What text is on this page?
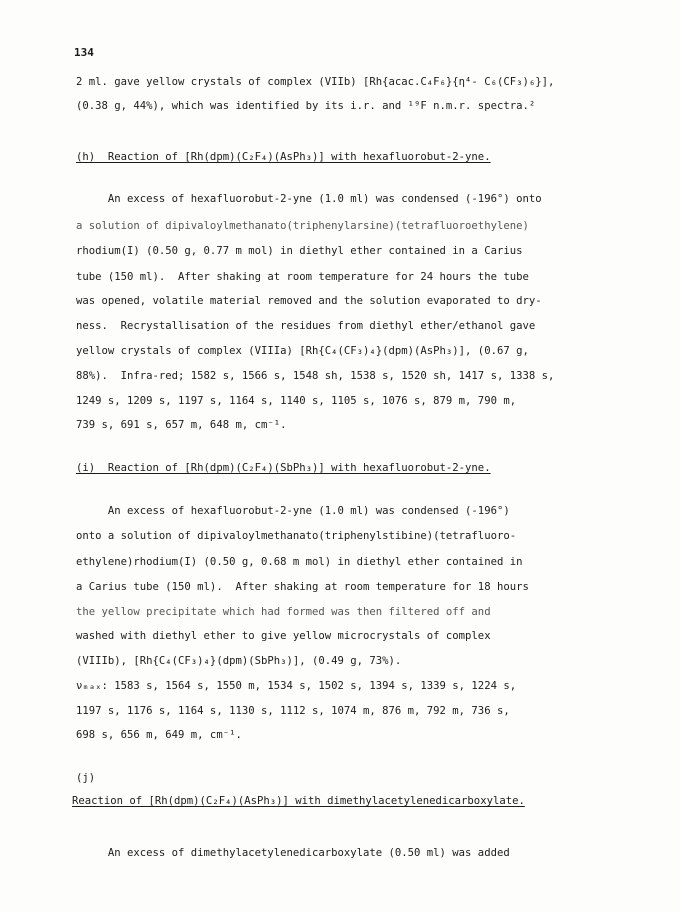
134
2 ml. gave yellow crystals of complex (VIIb) [Rh{acac.C₄F₆}{η⁴- C₆(CF₃)₆}],
(0.38 g, 44%), which was identified by its i.r. and ¹⁹F n.m.r. spectra.²
(h)  Reaction of [Rh(dpm)(C₂F₄)(AsPh₃)] with hexafluorobut-2-yne.
An excess of hexafluorobut-2-yne (1.0 ml) was condensed (-196°) onto
a solution of dipivaloylmethanato(triphenylarsine)(tetrafluoroethylene)
rhodium(I) (0.50 g, 0.77 m mol) in diethyl ether contained in a Carius
tube (150 ml).  After shaking at room temperature for 24 hours the tube
was opened, volatile material removed and the solution evaporated to dry-
ness.  Recrystallisation of the residues from diethyl ether/ethanol gave
yellow crystals of complex (VIIIa) [Rh{C₄(CF₃)₄}(dpm)(AsPh₃)], (0.67 g,
88%).  Infra-red; 1582 s, 1566 s, 1548 sh, 1538 s, 1520 sh, 1417 s, 1338 s,
1249 s, 1209 s, 1197 s, 1164 s, 1140 s, 1105 s, 1076 s, 879 m, 790 m,
739 s, 691 s, 657 m, 648 m, cm⁻¹.
(i)  Reaction of [Rh(dpm)(C₂F₄)(SbPh₃)] with hexafluorobut-2-yne.
An excess of hexafluorobut-2-yne (1.0 ml) was condensed (-196°)
onto a solution of dipivaloylmethanato(triphenylstibine)(tetrafluoro-
ethylene)rhodium(I) (0.50 g, 0.68 m mol) in diethyl ether contained in
a Carius tube (150 ml).  After shaking at room temperature for 18 hours
the yellow precipitate which had formed was then filtered off and
washed with diethyl ether to give yellow microcrystals of complex
(VIIIb), [Rh{C₄(CF₃)₄}(dpm)(SbPh₃)], (0.49 g, 73%).
νₘₐₓ: 1583 s, 1564 s, 1550 m, 1534 s, 1502 s, 1394 s, 1339 s, 1224 s,
1197 s, 1176 s, 1164 s, 1130 s, 1112 s, 1074 m, 876 m, 792 m, 736 s,
698 s, 656 m, 649 m, cm⁻¹.
(j)
Reaction of [Rh(dpm)(C₂F₄)(AsPh₃)] with dimethylacetylenedicarboxylate.
An excess of dimethylacetylenedicarboxylate (0.50 ml) was added
